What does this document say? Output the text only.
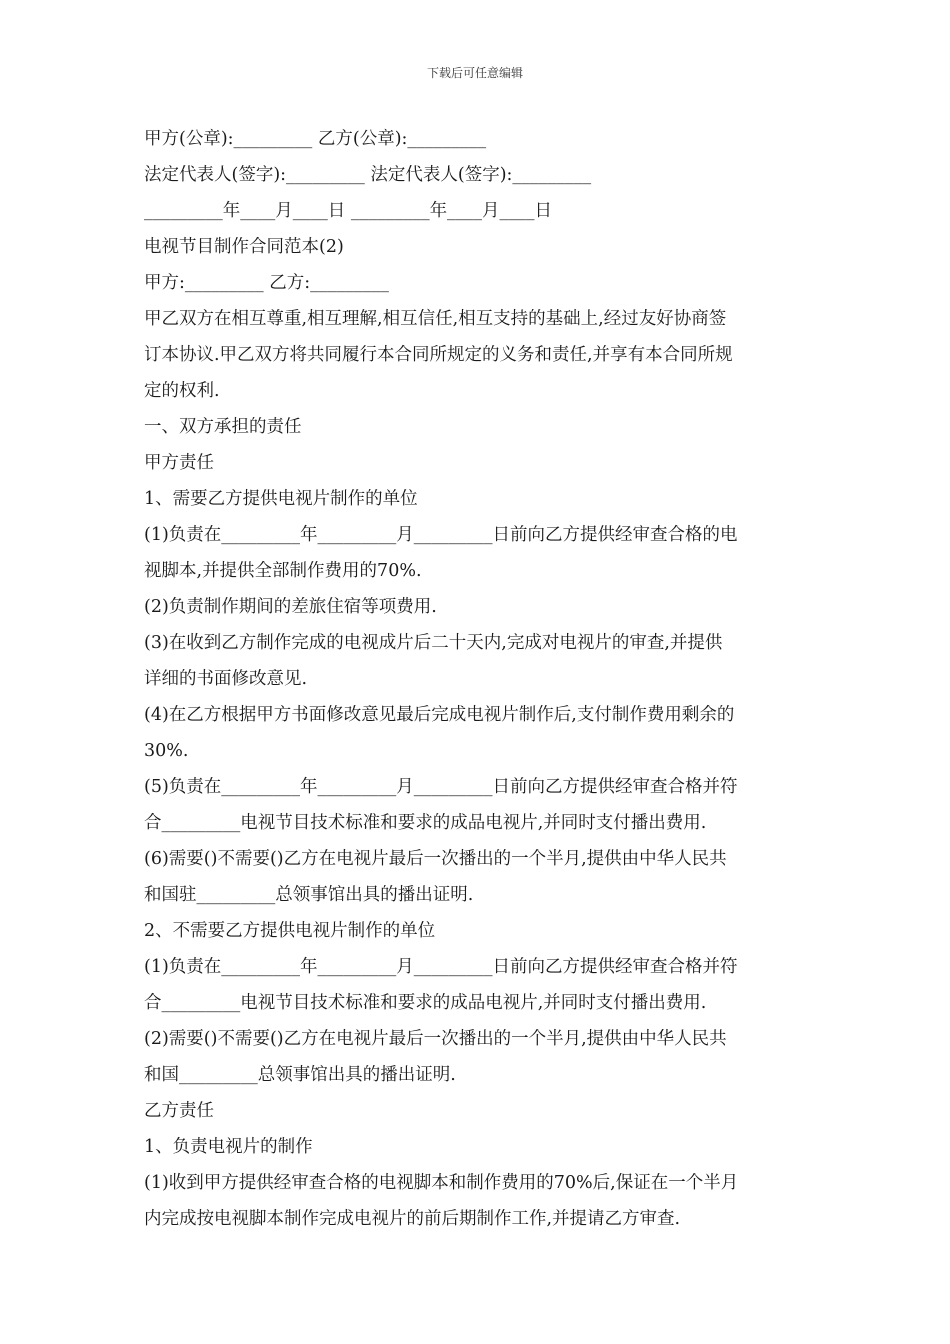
下载后可任意编辑
甲方(公章):_________ 乙方(公章):_________
法定代表人(签字):_________ 法定代表人(签字):_________
_________年____月____日 _________年____月____日
电视节目制作合同范本(2)
甲方:_________ 乙方:_________
甲乙双方在相互尊重,相互理解,相互信任,相互支持的基础上,经过友好协商签
订本协议.甲乙双方将共同履行本合同所规定的义务和责任,并享有本合同所规
定的权利.
一、双方承担的责任
甲方责任
1、需要乙方提供电视片制作的单位
(1)负责在_________年_________月_________日前向乙方提供经审查合格的电
视脚本,并提供全部制作费用的70%.
(2)负责制作期间的差旅住宿等项费用.
(3)在收到乙方制作完成的电视成片后二十天内,完成对电视片的审查,并提供
详细的书面修改意见.
(4)在乙方根据甲方书面修改意见最后完成电视片制作后,支付制作费用剩余的
30%.
(5)负责在_________年_________月_________日前向乙方提供经审查合格并符
合_________电视节目技术标准和要求的成品电视片,并同时支付播出费用.
(6)需要()不需要()乙方在电视片最后一次播出的一个半月,提供由中华人民共
和国驻_________总领事馆出具的播出证明.
2、不需要乙方提供电视片制作的单位
(1)负责在_________年_________月_________日前向乙方提供经审查合格并符
合_________电视节目技术标准和要求的成品电视片,并同时支付播出费用.
(2)需要()不需要()乙方在电视片最后一次播出的一个半月,提供由中华人民共
和国_________总领事馆出具的播出证明.
乙方责任
1、负责电视片的制作
(1)收到甲方提供经审查合格的电视脚本和制作费用的70%后,保证在一个半月
内完成按电视脚本制作完成电视片的前后期制作工作,并提请乙方审查.
